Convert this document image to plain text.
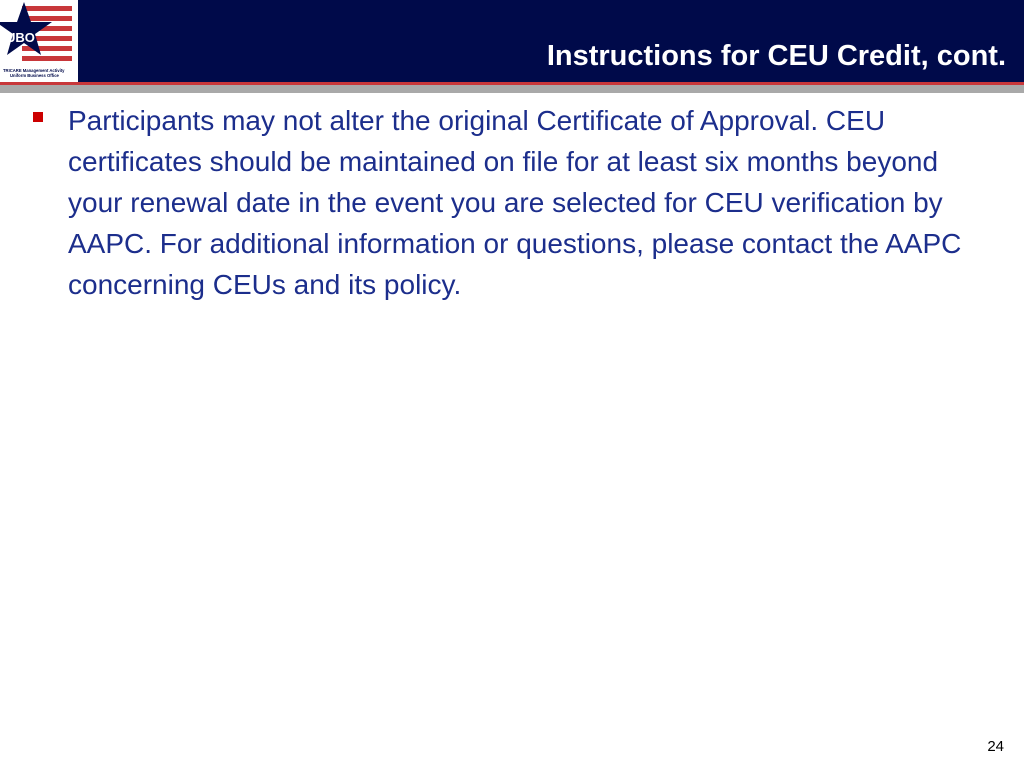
UBO
TRICARE Management Activity
Uniform Business Office
Instructions for CEU Credit, cont.
Participants may not alter the original Certificate of Approval. CEU certificates should be maintained on file for at least six months beyond your renewal date in the event you are selected for CEU verification by AAPC. For additional information or questions, please contact the AAPC concerning CEUs and its policy.
24
